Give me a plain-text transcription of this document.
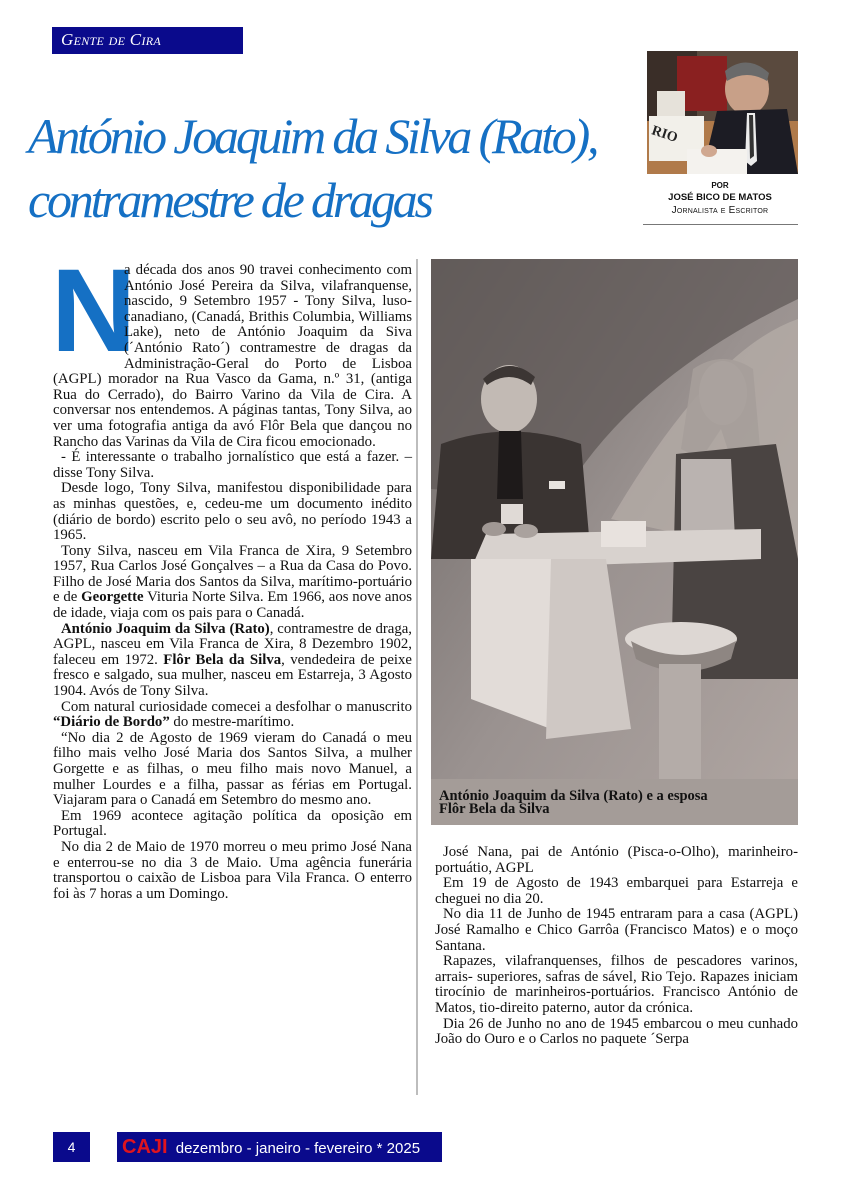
Gente de Cira
António Joaquim da Silva (Rato),
contramestre de dragas
RIO
POR
JOSÉ BICO DE MATOS
Jornalista e Escritor

N
a década dos anos 90 travei conhecimento com António José Pereira da Silva, vilafranquense, nascido, 9 Setembro 1957 - Tony Silva, luso-canadiano, (Canadá, Brithis Columbia, Williams Lake), neto de António Joaquim da Siva (´António Rato´) contramestre de dragas da Administração-Geral do Porto de Lisboa (AGPL) morador na Rua Vasco da Gama, n.º 31, (antiga Rua do Cerrado), do Bairro Varino da Vila de Cira. A conversar nos entendemos. A páginas tantas, Tony Silva, ao ver uma fotografia antiga da avó Flôr Bela que dançou no Rancho das Varinas da Vila de Cira ficou emocionado.

- É interessante o trabalho jornalístico que está a fazer. – disse Tony Silva.

Desde logo, Tony Silva, manifestou disponibilidade para as minhas questões, e, cedeu-me um documento inédito (diário de bordo) escrito pelo o seu avô, no período 1943 a 1965.

Tony Silva, nasceu em Vila Franca de Xira, 9 Setembro 1957, Rua Carlos José Gonçalves – a Rua da Casa do Povo. Filho de José Maria dos Santos da Silva, marítimo-portuário e de Georgette Vituria Norte Silva. Em 1966, aos nove anos de idade, viaja com os pais para o Canadá.

António Joaquim da Silva (Rato), contramestre de draga, AGPL, nasceu em Vila Franca de Xira, 8 Dezembro 1902, faleceu em 1972. Flôr Bela da Silva, vendedeira de peixe fresco e salgado, sua mulher, nasceu em Estarreja, 3 Agosto 1904. Avós de Tony Silva.

Com natural curiosidade comecei a desfolhar o manuscrito “Diário de Bordo” do mestre-marítimo.

“No dia 2 de Agosto de 1969 vieram do Canadá o meu filho mais velho José Maria dos Santos Silva, a mulher Gorgette e as filhas, o meu filho mais novo Manuel, a mulher Lourdes e a filha, passar as férias em Portugal. Viajaram para o Canadá em Setembro do mesmo ano.

Em 1969 acontece agitação política da oposição em Portugal.

No dia 2 de Maio de 1970 morreu o meu primo José Nana e enterrou-se no dia 3 de Maio. Uma agência funerária transportou o caixão de Lisboa para Vila Franca. O enterro foi às 7 horas a um Domingo.

António Joaquim da Silva (Rato) e a esposa
Flôr Bela da Silva

José Nana, pai de António (Pisca-o-Olho), marinheiro-portuátio, AGPL

Em 19 de Agosto de 1943 embarquei para Estarreja e cheguei no dia 20.

No dia 11 de Junho de 1945 entraram para a casa (AGPL) José Ramalho e Chico Garrôa (Francisco Matos) e o moço Santana.

Rapazes, vilafranquenses, filhos de pescadores varinos, arrais- superiores, safras de sável, Rio Tejo. Rapazes iniciam tirocínio de marinheiros-portuários. Francisco António de Matos, tio-direito paterno, autor da crónica.

Dia 26 de Junho no ano de 1945 embarcou o meu cunhado João do Ouro e o Carlos no paquete ´Serpa

4	CAJI dezembro - janeiro - fevereiro * 2025
